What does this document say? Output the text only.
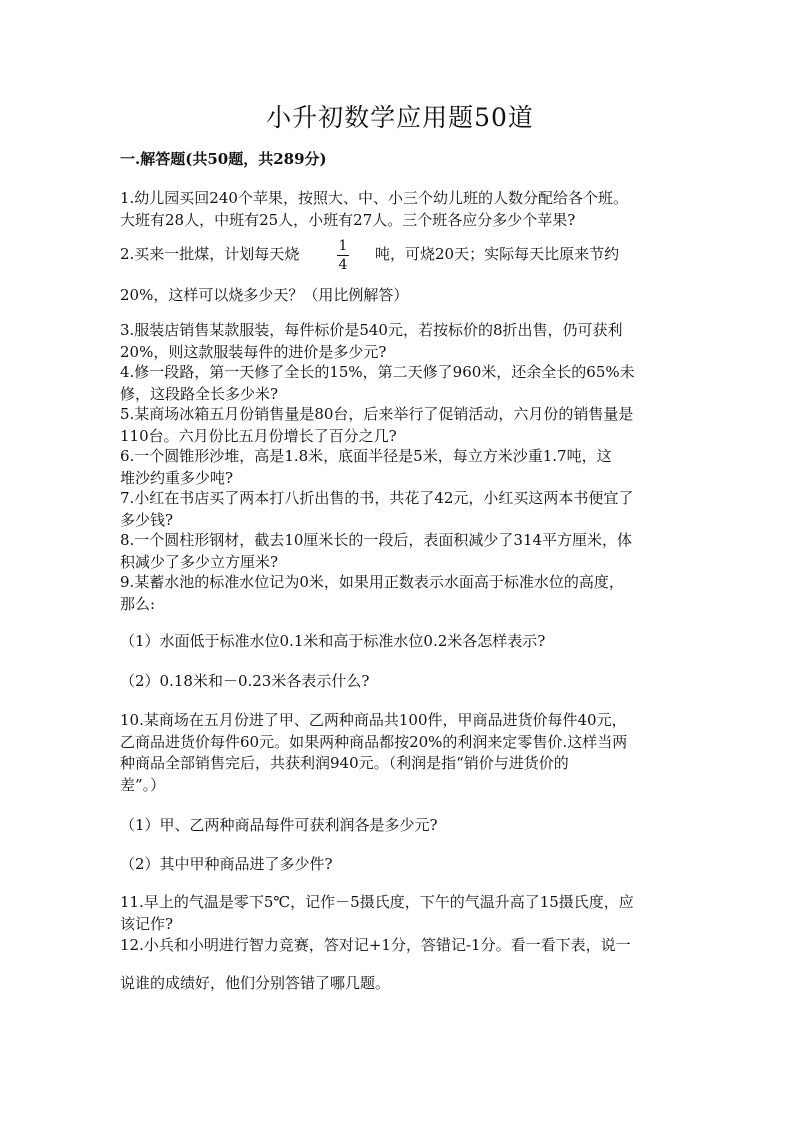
小升初数学应用题50道
一.解答题(共50题，共289分)
1.幼儿园买回240个苹果，按照大、中、小三个幼儿班的人数分配给各个班。
大班有28人，中班有25人，小班有27人。三个班各应分多少个苹果?
2.买来一批煤，计划每天烧	1
4
吨，可烧20天；实际每天比原来节约
20%，这样可以烧多少天？（用比例解答）
3.服装店销售某款服装，每件标价是540元，若按标价的8折出售，仍可获利
20%，则这款服装每件的进价是多少元?
4.修一段路，第一天修了全长的15%，第二天修了960米，还余全长的65%未
修，这段路全长多少米?
5.某商场冰箱五月份销售量是80台，后来举行了促销活动，六月份的销售量是
110台。六月份比五月份增长了百分之几?
6.一个圆锥形沙堆，高是1.8米，底面半径是5米，每立方米沙重1.7吨，这
堆沙约重多少吨?
7.小红在书店买了两本打八折出售的书，共花了42元，小红买这两本书便宜了
多少钱?
8.一个圆柱形钢材，截去10厘米长的一段后，表面积减少了314平方厘米，体
积减少了多少立方厘米?
9.某蓄水池的标准水位记为0米，如果用正数表示水面高于标准水位的高度，
那么:
（1）水面低于标准水位0.1米和高于标准水位0.2米各怎样表示?
（2）0.18米和－0.23米各表示什么?
10.某商场在五月份进了甲、乙两种商品共100件，甲商品进货价每件40元，
乙商品进货价每件60元。如果两种商品都按20%的利润来定零售价.这样当两
种商品全部销售完后，共获利润940元。（利润是指“销价与进货价的
差”。）
（1）甲、乙两种商品每件可获利润各是多少元?
（2）其中甲种商品进了多少件?
11.早上的气温是零下5℃，记作－5摄氏度，下午的气温升高了15摄氏度，应
该记作?
12.小兵和小明进行智力竞赛，答对记+1分，答错记-1分。看一看下表，说一
说谁的成绩好，他们分别答错了哪几题。
